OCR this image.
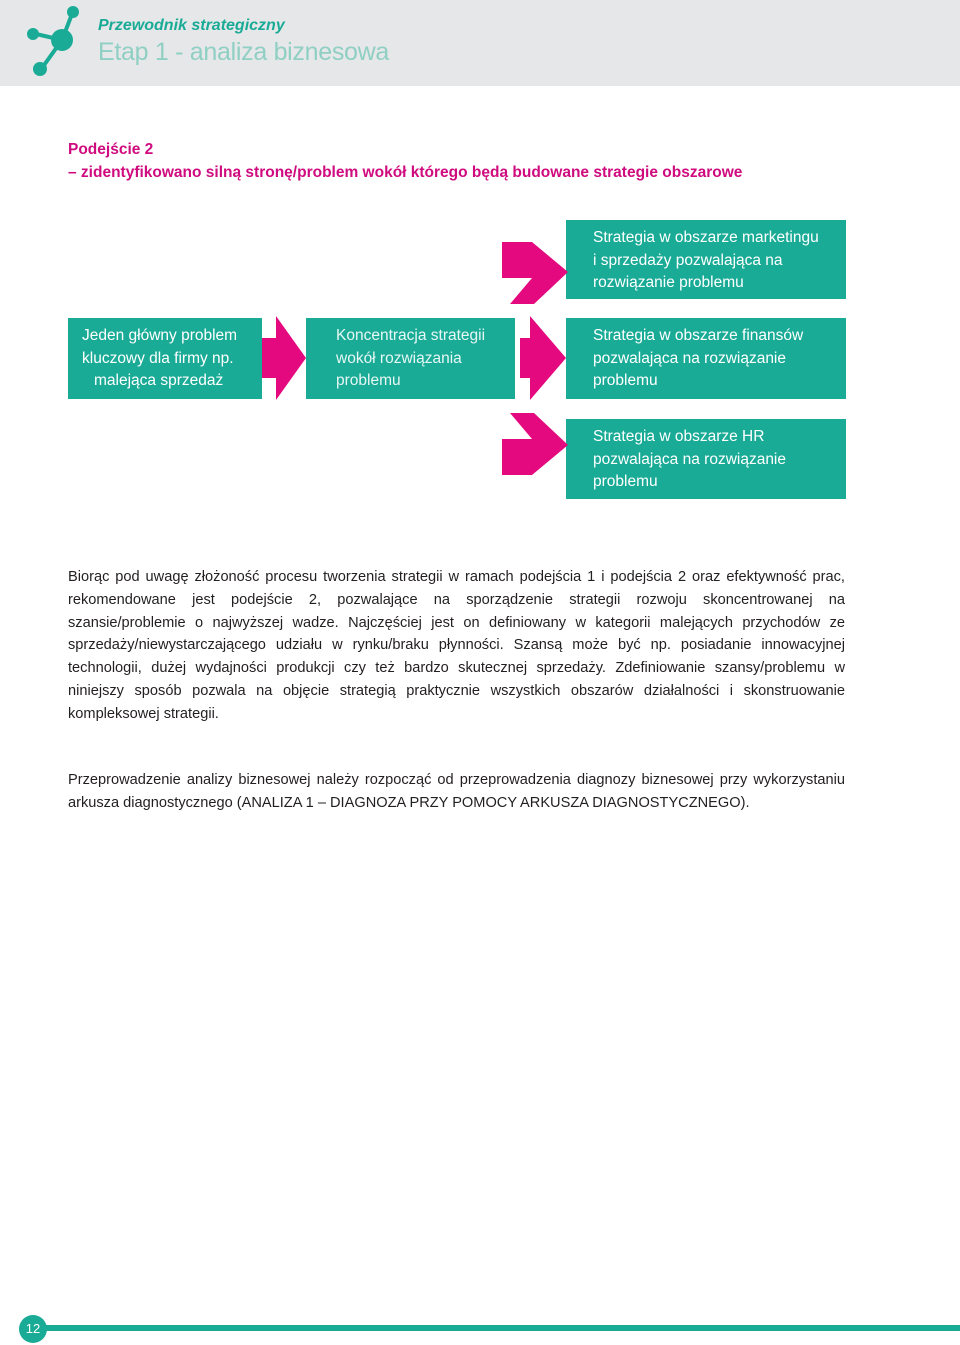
Przewodnik strategiczny
Etap 1 - analiza biznesowa
Podejście 2
– zidentyfikowano silną stronę/problem wokół którego będą budowane strategie obszarowe
Jeden główny problem
kluczowy dla firmy np.
malejąca sprzedaż
Koncentracja strategii
wokół rozwiązania
problemu
Strategia w obszarze marketingu
i sprzedaży pozwalająca na
rozwiązanie problemu
Strategia w obszarze finansów
pozwalająca na rozwiązanie
problemu
Strategia w obszarze HR
pozwalająca na rozwiązanie
problemu

Biorąc pod uwagę złożoność procesu tworzenia strategii w ramach podejścia 1 i podejścia 2 oraz efektywność prac, rekomendowane jest podejście 2, pozwalające na sporządzenie strategii rozwoju skoncentrowanej na szansie/problemie o najwyższej wadze. Najczęściej jest on definiowany w kategorii malejących przychodów ze sprzedaży/niewystarczającego udziału w rynku/braku płynności. Szansą może być np. posiadanie innowacyjnej technologii, dużej wydajności produkcji czy też bardzo skutecznej sprzedaży. Zdefiniowanie szansy/problemu w niniejszy sposób pozwala na objęcie strategią praktycznie wszystkich obszarów działalności i skonstruowanie kompleksowej strategii.

Przeprowadzenie analizy biznesowej należy rozpocząć od przeprowadzenia diagnozy biznesowej przy wykorzystaniu arkusza diagnostycznego (ANALIZA 1 – DIAGNOZA PRZY POMOCY ARKUSZA DIAGNOSTYCZNEGO).

12
